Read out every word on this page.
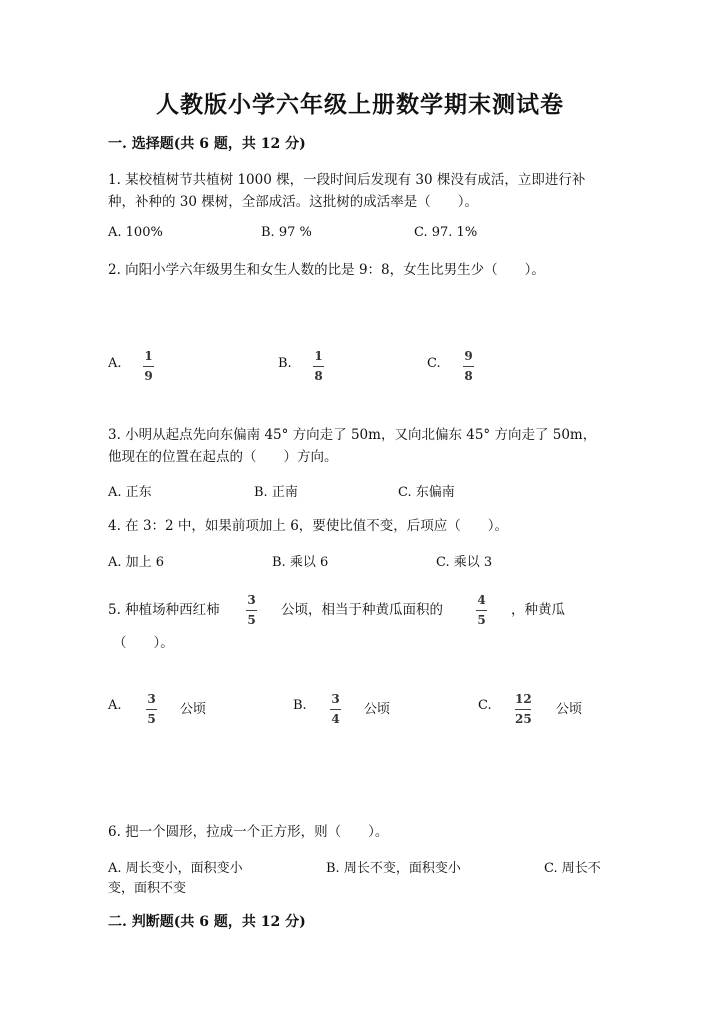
人教版小学六年级上册数学期末测试卷
一. 选择题(共 6 题，共 12 分)
1. 某校植树节共植树 1000 棵，一段时间后发现有 30 棵没有成活，立即进行补
种，补种的 30 棵树，全部成活。这批树的成活率是（　　）。
A. 100%	B. 97 %	C. 97. 1%
2. 向阳小学六年级男生和女生人数的比是 9：8，女生比男生少（　　）。
A. 1
9
B. 1
8
C. 9
8
3. 小明从起点先向东偏南 45° 方向走了 50m，又向北偏东 45° 方向走了 50m，
他现在的位置在起点的（　　）方向。
A. 正东	B. 正南	C. 东偏南
4. 在 3：2 中，如果前项加上 6，要使比值不变，后项应（　　）。
A. 加上 6	B. 乘以 6	C. 乘以 3
5. 种植场种西红柿
3
5
公顷，相当于种黄瓜面积的
4
5
，种黄瓜
（　　）。
A. 3
5
公顷	B. 3
4
公顷	C. 12
25
公顷
6. 把一个圆形，拉成一个正方形，则（　　）。
A. 周长变小，面积变小	B. 周长不变，面积变小	C. 周长不
变，面积不变
二. 判断题(共 6 题，共 12 分)
